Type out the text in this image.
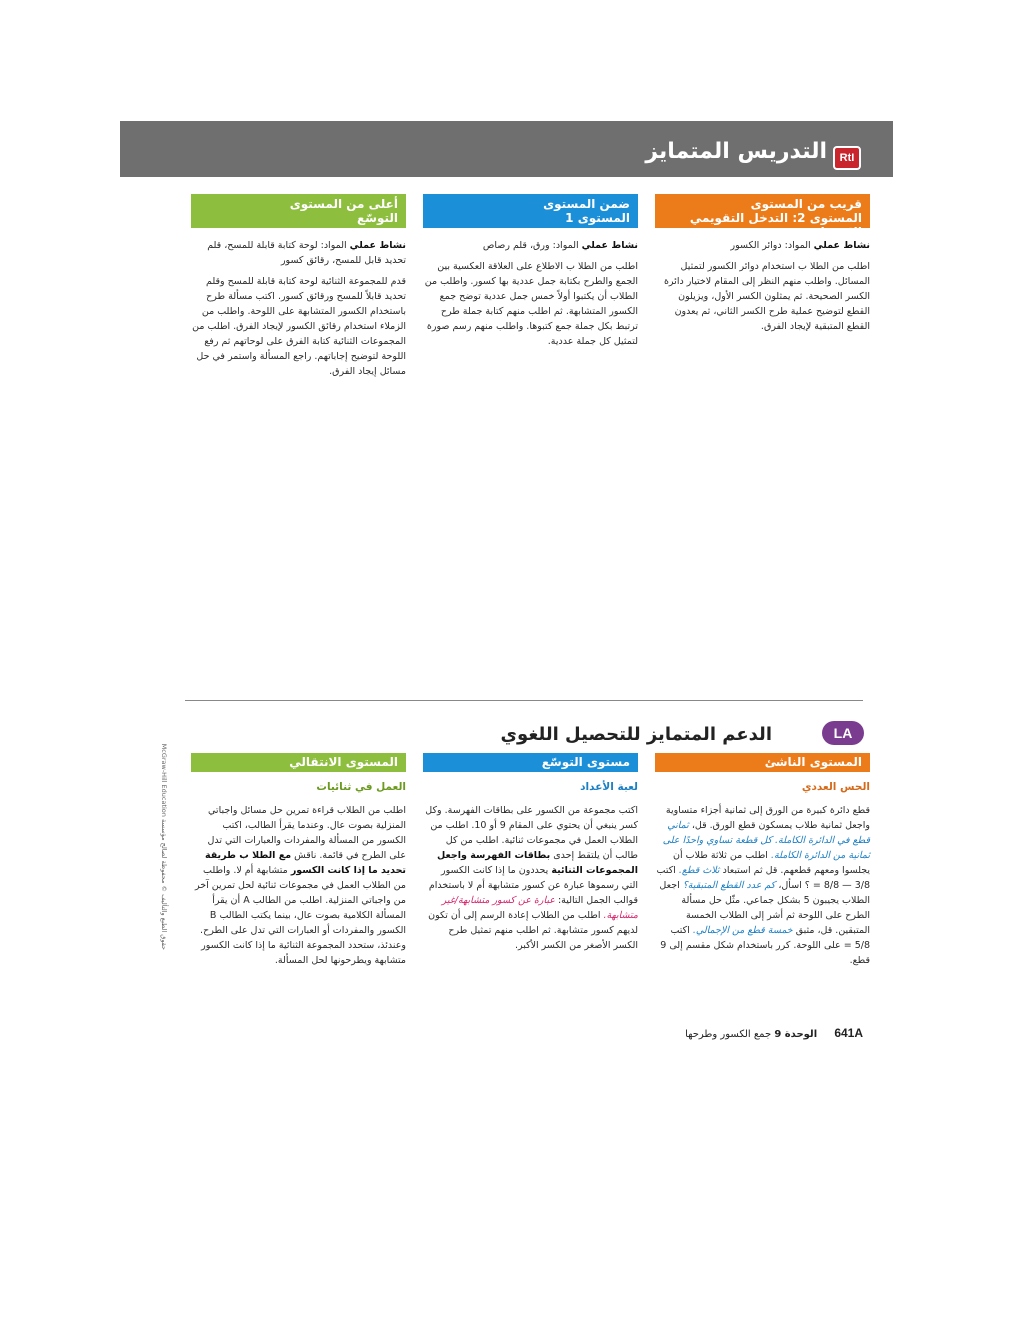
التدريس المتمايز	RtI
قريب من المستوى
المستوى 2: التدخل التقويمي الإستراتيجي

نشاط عملي المواد: دوائر الكسور

اطلب من الطلا ب استخدام دوائر الكسور لتمثيل المسائل. واطلب منهم النظر إلى المقام لاختيار دائرة الكسر الصحيحة. ثم يمثلون الكسر الأول، ويزيلون القطع لتوضيح عملية طرح الكسر الثاني، ثم يعدون القطع المتبقية لإيجاد الفرق.

ضمن المستوى
المستوى 1

نشاط عملي المواد: ورق، قلم رصاص

اطلب من الطلا ب الاطلاع على العلاقة العكسية بين الجمع والطرح بكتابة جمل عددية بها كسور. واطلب من الطلاب أن يكتبوا أولاً خمس جمل عددية توضح جمع الكسور المتشابهة. ثم اطلب منهم كتابة جملة طرح ترتبط بكل جملة جمع كتبوها. واطلب منهم رسم صورة لتمثيل كل جملة عددية.

أعلى من المستوى
التوسّع

نشاط عملي المواد: لوحة كتابة قابلة للمسح، قلم تحديد قابل للمسح، رقائق كسور

قدم للمجموعة الثنائية لوحة كتابة قابلة للمسح وقلم تحديد قابلاً للمسح ورقائق كسور. اكتب مسألة طرح باستخدام الكسور المتشابهة على اللوحة. واطلب من الزملاء استخدام رقائق الكسور لإيجاد الفرق. اطلب من المجموعات الثنائية كتابة الفرق على لوحاتهم ثم رفع اللوحة لتوضيح إجاباتهم. راجع المسألة واستمر في حل مسائل إيجاد الفرق.

LA
الدعم المتمايز للتحصيل اللغوي
المستوى الناشئ
الحس العددي

قطع دائرة كبيرة من الورق إلى ثمانية أجزاء متساوية واجعل ثمانية طلاب يمسكون قطع الورق. قل، ثماني قطع في الدائرة الكاملة. كل قطعة تساوي واحدًا على ثمانية من الدائرة الكاملة. اطلب من ثلاثة طلاب أن يجلسوا ومعهم قطعهم. قل ثم استبعاد ثلاث قطع. اكتب 3/8 — 8/8 = ؟ اسأل، كم عدد القطع المتبقية؟ اجعل الطلاب يجيبون 5 بشكل جماعي. مثّل حل مسألة الطرح على اللوحة ثم أشر إلى الطلاب الخمسة المتبقين. قل، مثبق خمسة قطع من الإجمالي. اكتب 5/8 = على اللوحة. كرر باستخدام شكل مقسم إلى 9 قطع.

مستوى التوسّع
لعبة الأعداد

اكتب مجموعة من الكسور على بطاقات الفهرسة. وكل كسر ينبغي أن يحتوي على المقام 9 أو 10. اطلب من الطلاب العمل في مجموعات ثنائية. اطلب من كل طالب أن يلتقط إحدى بطاقات الفهرسة واجعل المجموعات الثنائية يحددون ما إذا كانت الكسور التي رسموها عبارة عن كسور متشابهة أم لا باستخدام قوالب الجمل التالية: عبارة عن كسور متشابهة/غير متشابهة. اطلب من الطلاب إعادة الرسم إلى أن تكون لديهم كسور متشابهة. ثم اطلب منهم تمثيل طرح الكسر الأصغر من الكسر الأكبر.

المستوى الانتقالي
العمل في ثنائيات

اطلب من الطلاب قراءة تمرين حل مسائل واجباتي المنزلية بصوت عال. وعندما يقرأ الطالب، اكتب الكسور من المسألة والمفردات والعبارات التي تدل على الطرح في قائمة. ناقش مع الطلا ب طريقة تحديد ما إذا كانت الكسور متشابهة أم لا. واطلب من الطلاب العمل في مجموعات ثنائية لحل تمرين آخر من واجباتي المنزلية. اطلب من الطالب A أن يقرأ المسألة الكلامية بصوت عال، بينما يكتب الطالب B الكسور والمفردات أو العبارات التي تدل على الطرح. وعندئذ، ستحدد المجموعة الثنائية ما إذا كانت الكسور متشابهة ويطرحونها لحل المسألة.

641A الوحدة 9 جمع الكسور وطرحها
حقوق الطبع والتأليف © محفوظة لصالح مؤسسة McGraw-Hill Education
